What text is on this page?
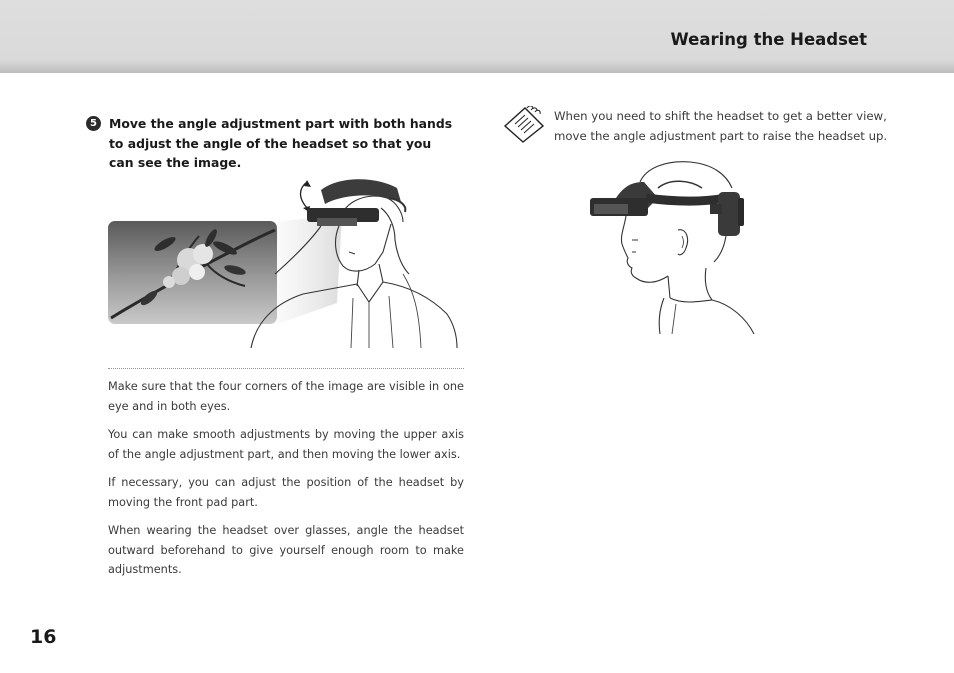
Wearing the Headset
5 Move the angle adjustment part with both hands to adjust the angle of the headset so that you can see the image.

Make sure that the four corners of the image are visible in one eye and in both eyes.

You can make smooth adjustments by moving the upper axis of the angle adjustment part, and then moving the lower axis.

If necessary, you can adjust the position of the headset by moving the front pad part.

When wearing the headset over glasses, angle the headset outward beforehand to give yourself enough room to make adjustments.

When you need to shift the headset to get a better view, move the angle adjustment part to raise the headset up.
16
